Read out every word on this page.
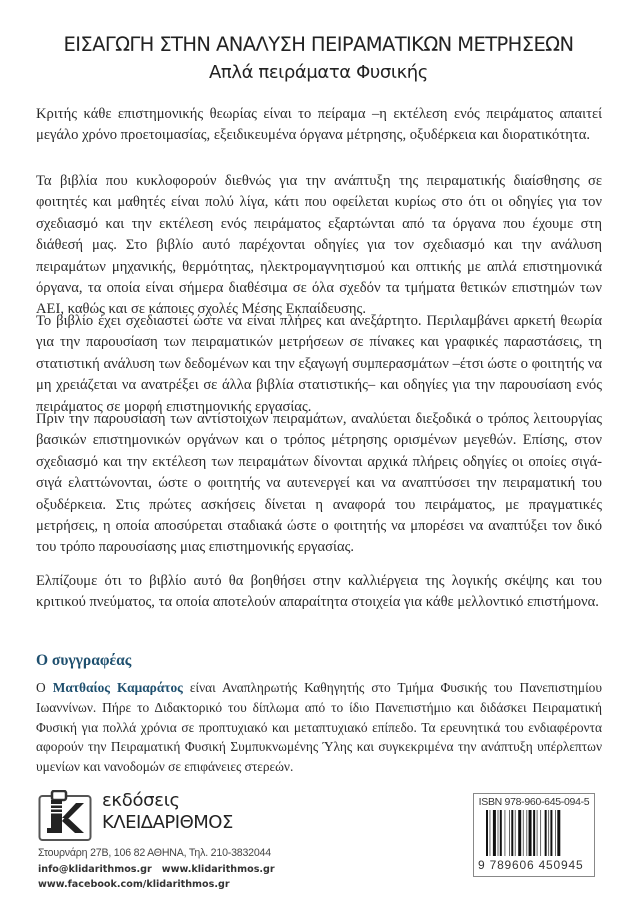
ΕΙΣΑΓΩΓΗ ΣΤΗΝ ΑΝΑΛΥΣΗ ΠΕΙΡΑΜΑΤΙΚΩΝ ΜΕΤΡΗΣΕΩΝ
Απλά πειράματα Φυσικής

Κριτής κάθε επιστημονικής θεωρίας είναι το πείραμα –η εκτέλεση ενός πειράματος απαιτεί μεγάλο χρόνο προετοιμασίας, εξειδικευμένα όργανα μέτρησης, οξυδέρκεια και διορατικότητα.

Τα βιβλία που κυκλοφορούν διεθνώς για την ανάπτυξη της πειραματικής διαίσθησης σε φοιτητές και μαθητές είναι πολύ λίγα, κάτι που οφείλεται κυρίως στο ότι οι οδηγίες για τον σχεδιασμό και την εκτέλεση ενός πειράματος εξαρτώνται από τα όργανα που έχουμε στη διάθεσή μας. Στο βιβλίο αυτό παρέχονται οδηγίες για τον σχεδιασμό και την ανάλυση πειραμάτων μηχανικής, θερμότητας, ηλεκτρομαγνητισμού και οπτικής με απλά επιστημονικά όργανα, τα οποία είναι σήμερα διαθέσιμα σε όλα σχεδόν τα τμήματα θετικών επιστημών των ΑΕΙ, καθώς και σε κάποιες σχολές Μέσης Εκπαίδευσης.

Το βιβλίο έχει σχεδιαστεί ώστε να είναι πλήρες και ανεξάρτητο. Περιλαμβάνει αρκετή θεωρία για την παρουσίαση των πειραματικών μετρήσεων σε πίνακες και γραφικές παραστάσεις, τη στατιστική ανάλυση των δεδομένων και την εξαγωγή συμπερασμάτων –έτσι ώστε ο φοιτητής να μη χρειάζεται να ανατρέξει σε άλλα βιβλία στατιστικής– και οδηγίες για την παρουσίαση ενός πειράματος σε μορφή επιστημονικής εργασίας.

Πριν την παρουσίαση των αντίστοιχων πειραμάτων, αναλύεται διεξοδικά ο τρόπος λειτουργίας βασικών επιστημονικών οργάνων και ο τρόπος μέτρησης ορισμένων μεγεθών. Επίσης, στον σχεδιασμό και την εκτέλεση των πειραμάτων δίνονται αρχικά πλήρεις οδηγίες οι οποίες σιγά-σιγά ελαττώνονται, ώστε ο φοιτητής να αυτενεργεί και να αναπτύσσει την πειραματική του οξυδέρκεια. Στις πρώτες ασκήσεις δίνεται η αναφορά του πειράματος, με πραγματικές μετρήσεις, η οποία αποσύρεται σταδιακά ώστε ο φοιτητής να μπορέσει να αναπτύξει τον δικό του τρόπο παρουσίασης μιας επιστημονικής εργασίας.

Ελπίζουμε ότι το βιβλίο αυτό θα βοηθήσει στην καλλιέργεια της λογικής σκέψης και του κριτικού πνεύματος, τα οποία αποτελούν απαραίτητα στοιχεία για κάθε μελλοντικό επιστήμονα.

Ο συγγραφέας
Ο Ματθαίος Καμαράτος είναι Αναπληρωτής Καθηγητής στο Τμήμα Φυσικής του Πανεπιστημίου Ιωαννίνων. Πήρε το Διδακτορικό του δίπλωμα από το ίδιο Πανεπιστήμιο και διδάσκει Πειραματική Φυσική για πολλά χρόνια σε προπτυχιακό και μεταπτυχιακό επίπεδο. Τα ερευνητικά του ενδιαφέροντα αφορούν την Πειραματική Φυσική Συμπυκνωμένης Ύλης και συγκεκριμένα την ανάπτυξη υπέρλεπτων υμενίων και νανοδομών σε επιφάνειες στερεών.
εκδόσεις
ΚΛΕΙΔΑΡΙΘΜΟΣ
Στουρνάρη 27Β, 106 82 ΑΘΗΝΑ, Τηλ. 210-3832044
info@klidarithmos.gr www.klidarithmos.gr
www.facebook.com/klidarithmos.gr
ISBN 978-960-645-094-5
9 789606 450945
